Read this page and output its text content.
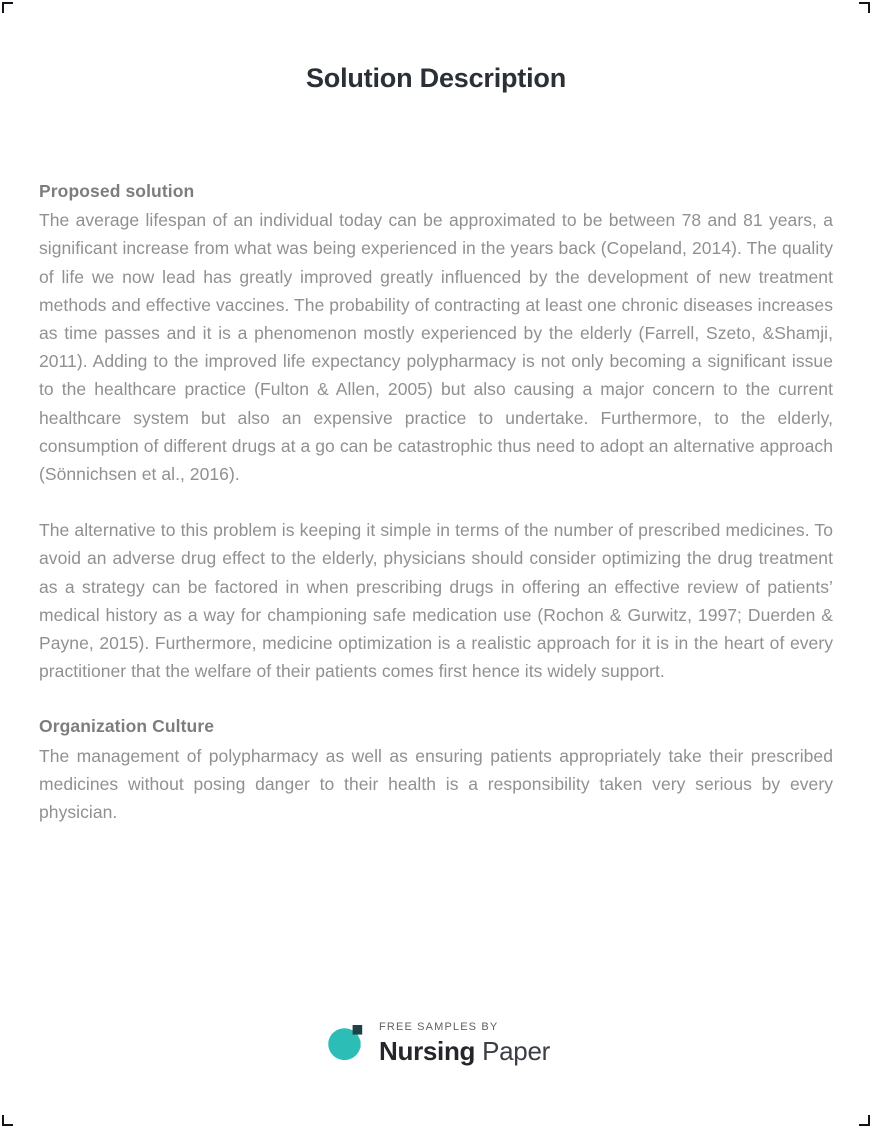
Solution Description
Proposed solution

The average lifespan of an individual today can be approximated to be between 78 and 81 years, a significant increase from what was being experienced in the years back (Copeland, 2014). The quality of life we now lead has greatly improved greatly influenced by the development of new treatment methods and effective vaccines. The probability of contracting at least one chronic diseases increases as time passes and it is a phenomenon mostly experienced by the elderly (Farrell, Szeto, &Shamji, 2011). Adding to the improved life expectancy polypharmacy is not only becoming a significant issue to the healthcare practice (Fulton & Allen, 2005) but also causing a major concern to the current healthcare system but also an expensive practice to undertake. Furthermore, to the elderly, consumption of different drugs at a go can be catastrophic thus need to adopt an alternative approach (Sönnichsen et al., 2016).

The alternative to this problem is keeping it simple in terms of the number of prescribed medicines. To avoid an adverse drug effect to the elderly, physicians should consider optimizing the drug treatment as a strategy can be factored in when prescribing drugs in offering an effective review of patients’ medical history as a way for championing safe medication use (Rochon & Gurwitz, 1997; Duerden & Payne, 2015). Furthermore, medicine optimization is a realistic approach for it is in the heart of every practitioner that the welfare of their patients comes first hence its widely support.

Organization Culture

The management of polypharmacy as well as ensuring patients appropriately take their prescribed medicines without posing danger to their health is a responsibility taken very serious by every physician.

FREE SAMPLES BY
Nursing Paper
